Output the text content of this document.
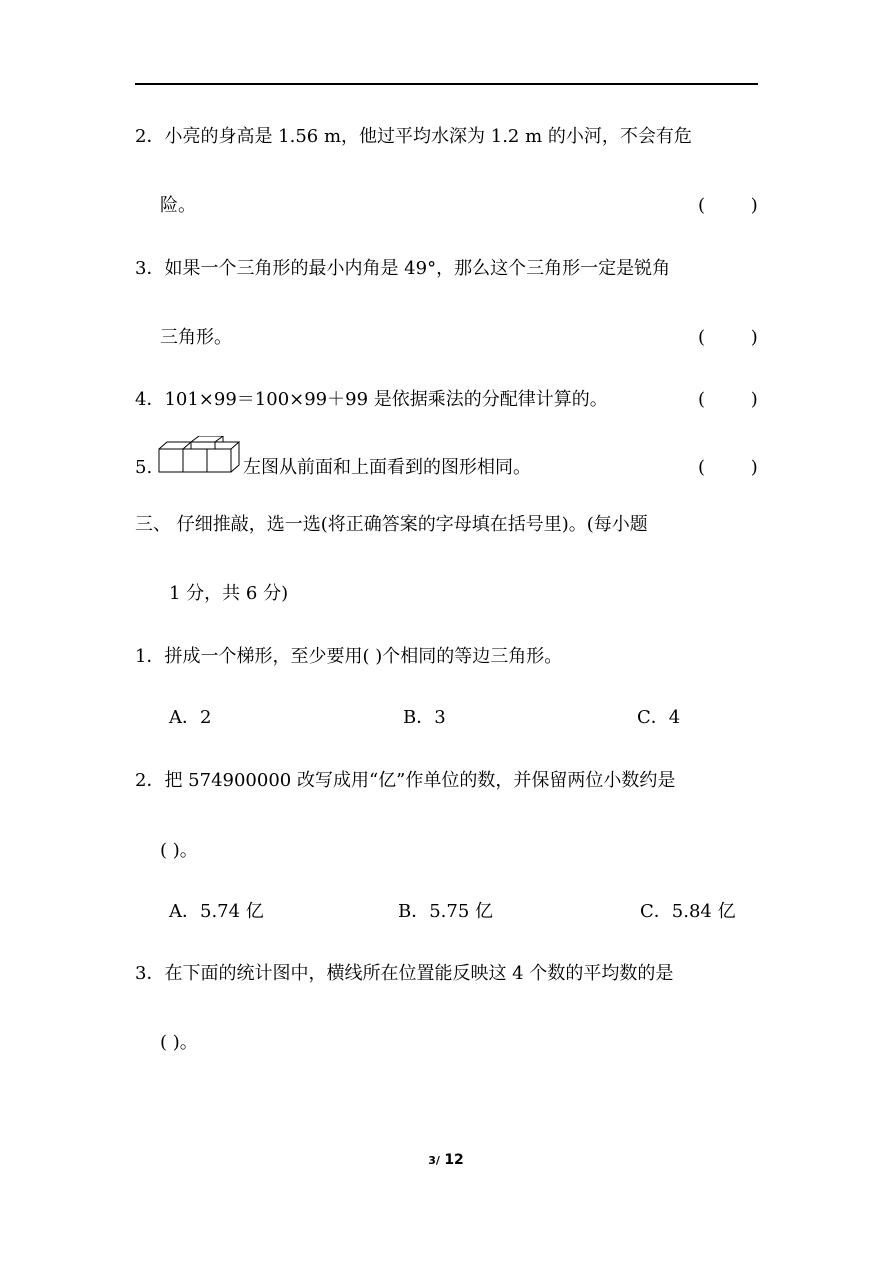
2．小亮的身高是 1.56 m，他过平均水深为 1.2 m 的小河，不会有危
险。	(        )
3．如果一个三角形的最小内角是 49°，那么这个三角形一定是锐角
三角形。	(        )
4．101×99＝100×99＋99 是依据乘法的分配律计算的。	(        )
5.	左图从前面和上面看到的图形相同。	(        )
三、 仔细推敲，选一选(将正确答案的字母填在括号里)。(每小题
1 分，共 6 分)
1．拼成一个梯形，至少要用( )个相同的等边三角形。
A．2	B．3	C．4
2．把 574900000 改写成用“亿”作单位的数，并保留两位小数约是
( )。
A．5.74 亿	B．5.75 亿	C．5.84 亿
3．在下面的统计图中，横线所在位置能反映这 4 个数的平均数的是
( )。
3/ 12
